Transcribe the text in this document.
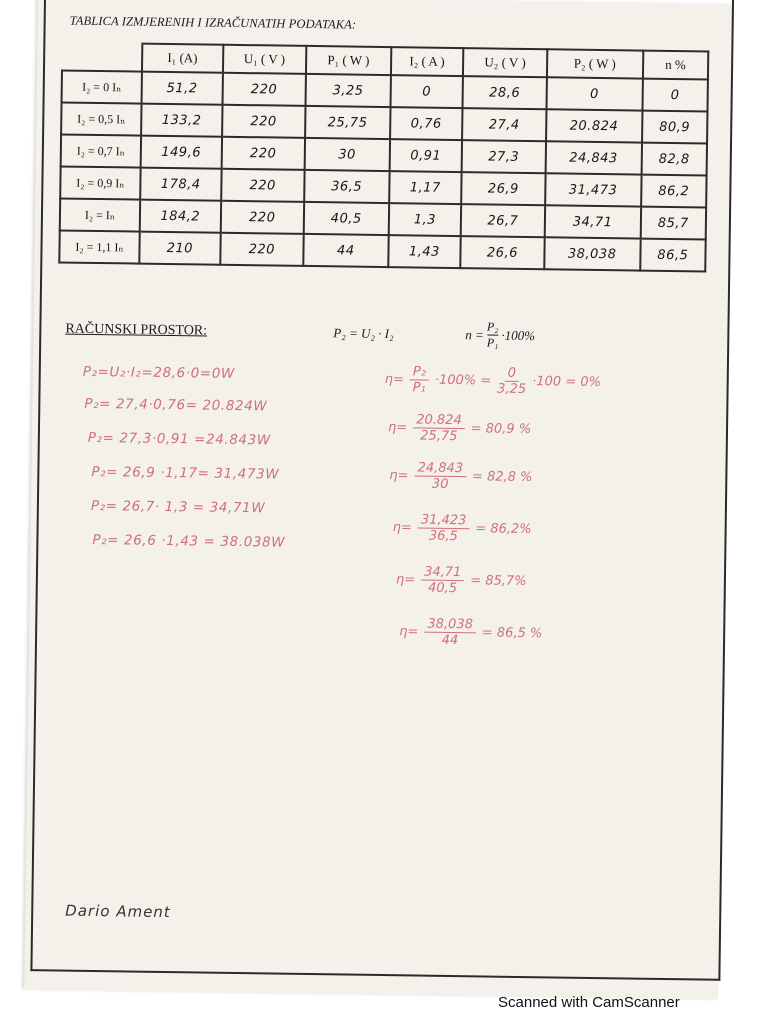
TABLICA IZMJERENIH I IZRAČUNATIH PODATAKA:
	I₁ (A)	U₁ ( V )	P₁ ( W )	I₂ ( A )	U₂ ( V )	P₂ ( W )	n %
I₂ = 0 Iₙ	51,2	220	3,25	0	28,6	0	0
I₂ = 0,5 Iₙ	133,2	220	25,75	0,76	27,4	20.824	80,9
I₂ = 0,7 Iₙ	149,6	220	30	0,91	27,3	24,843	82,8
I₂ = 0,9 Iₙ	178,4	220	36,5	1,17	26,9	31,473	86,2
I₂ = Iₙ	184,2	220	40,5	1,3	26,7	34,71	85,7
I₂ = 1,1 Iₙ	210	220	44	1,43	26,6	38,038	86,5
RAČUNSKI PROSTOR:	P₂ = U₂ · I₂	$n = \frac{\text{P₂}}{\text{P₁}} \cdot 100\%$
P₂=U₂·I₂=28,6·0=0W
P₂= 27,4·0,76= 20.824W
P₂= 27,3·0,91 =24.843W
P₂= 26,9 ·1,17= 31,473W
P₂= 26,7· 1,3 = 34,71W
P₂= 26,6 ·1,43 = 38.038W
$\eta= \frac{\text{P₂}}{\text{P₁}} \cdot 100\% = \frac{0}{3,25} \cdot 100 = 0\%$
$\eta= \frac{20.824}{25,75} = 80,9$ %
$\eta= \frac{24,843}{30} = 82,8$ %
$\eta= \frac{31,423}{36,5} = 86,2\%$
$\eta= \frac{34,71}{40,5} = 85,7\%$
$\eta= \frac{38,038}{44} = 86,5$ %
Dario Ament
Scanned with CamScanner
